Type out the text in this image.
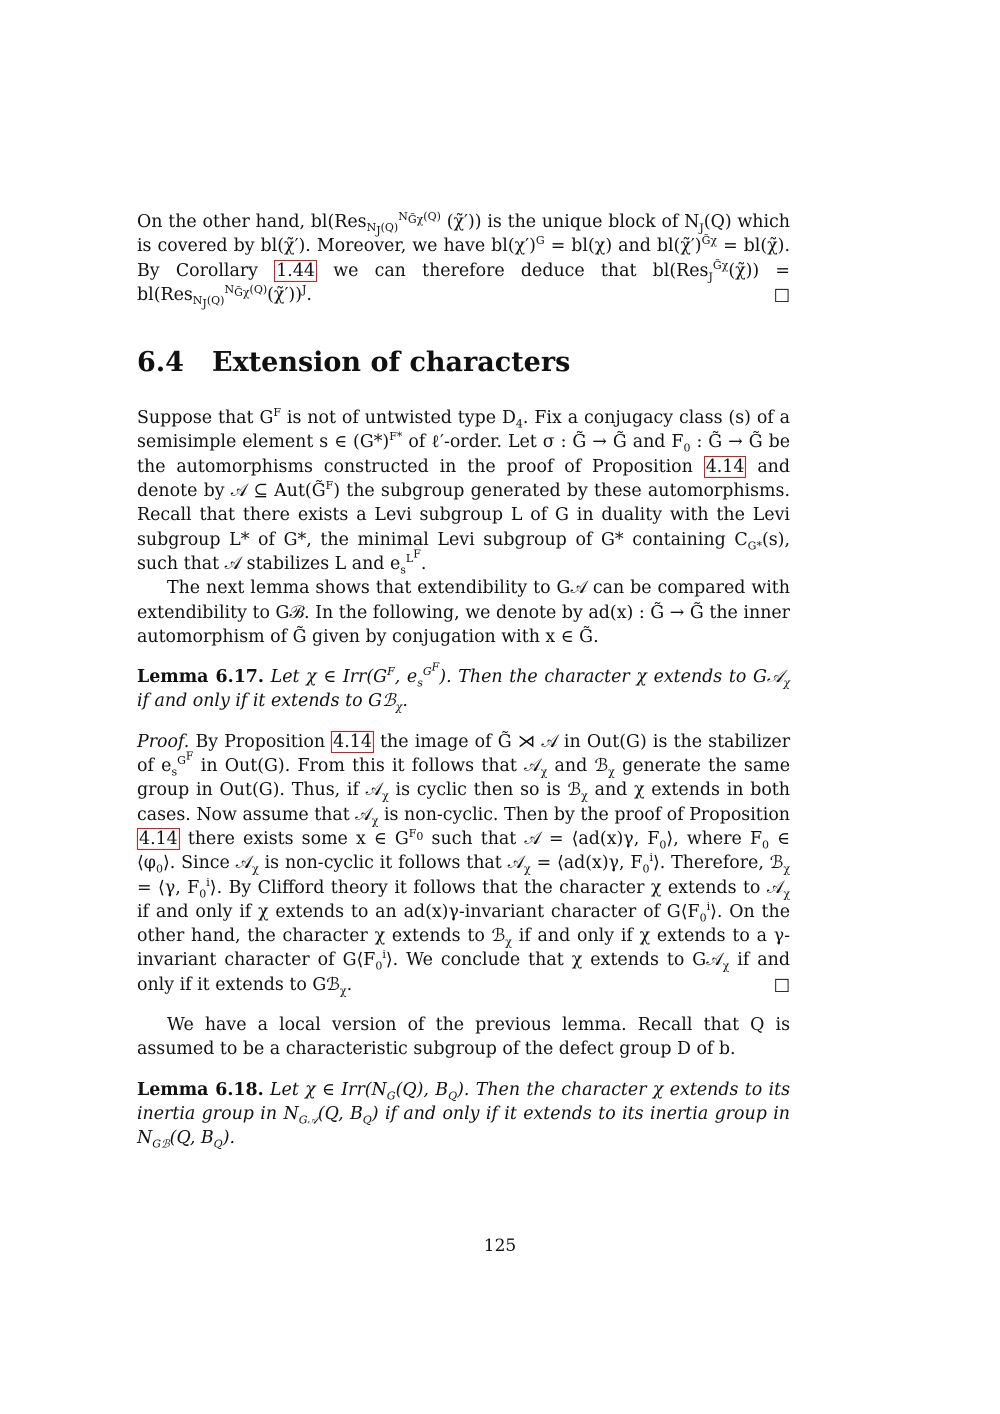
On the other hand, bl(Res$_{N_J(Q)}^{N_{G̃\chi}(Q)}$ (χ̃′)) is the unique block of $N_J(Q)$ which is covered by bl(χ̃′). Moreover, we have $bl(\chi')^G = bl(\chi)$ and bl(χ̃′)$^{G̃\chi}$ = bl(χ̃). By Corollary 1.44 we can therefore deduce that bl(Res$_J^{G̃\chi}$(χ̃)) = bl(Res$_{N_J(Q)}^{N_{G̃\chi}(Q)}$(χ̃′))$^J$.	□

6.4 Extension of characters

Suppose that $G^F$ is not of untwisted type $D_4$. Fix a conjugacy class (s) of a semisimple element s ∈ $(G*)^{F*}$ of ℓ′-order. Let σ : G̃ → G̃ and $F_0$ : G̃ → G̃ be the automorphisms constructed in the proof of Proposition 4.14 and denote by 𝒜 ⊆ Aut(G̃$^F$) the subgroup generated by these automorphisms. Recall that there exists a Levi subgroup L of G in duality with the Levi subgroup L* of G*, the minimal Levi subgroup of G* containing $C_{G*}(s)$, such that 𝒜 stabilizes L and $e_s^{L^F}$.

The next lemma shows that extendibility to G𝒜 can be compared with extendibility to Gℬ. In the following, we denote by ad(x) : G̃ → G̃ the inner automorphism of G̃ given by conjugation with x ∈ G̃.

Lemma 6.17. Let χ ∈ $Irr(G^F$, $e_s^{G^F}$). Then the character χ extends to G𝒜$_\chi$ if and only if it extends to Gℬ$_\chi$.

Proof. By Proposition 4.14 the image of G̃ ⋊ 𝒜 in Out(G) is the stabilizer of $e_s^{G^F}$ in Out(G). From this it follows that 𝒜$_\chi$ and ℬ$_\chi$ generate the same group in Out(G). Thus, if 𝒜$_\chi$ is cyclic then so is ℬ$_\chi$ and χ extends in both cases. Now assume that 𝒜$_\chi$ is non-cyclic. Then by the proof of Proposition 4.14 there exists some x ∈ $G^{F_0}$ such that 𝒜 = ⟨ad(x)γ, $F_0⟩$, where $F_0$ ∈ $⟨\varphi_0⟩$. Since 𝒜$_\chi$ is non-cyclic it follows that 𝒜$_\chi$ = ⟨ad(x)γ, $F_0^i⟩$. Therefore, ℬ$_\chi$ = ⟨γ, $F_0^i⟩$. By Clifford theory it follows that the character χ extends to 𝒜$_\chi$ if and only if χ extends to an ad(x)γ-invariant character of $G⟨F_0^i⟩$. On the other hand, the character χ extends to ℬ$_\chi$ if and only if χ extends to a γ-invariant character of $G⟨F_0^i⟩$. We conclude that χ extends to G𝒜$_\chi$ if and only if it extends to Gℬ$_\chi$.	□

We have a local version of the previous lemma. Recall that Q is assumed to be a characteristic subgroup of the defect group D of b.

Lemma 6.18. Let χ ∈ $Irr(N_G(Q)$, $B_Q$). Then the character χ extends to its inertia group in $N_{G𝒜}(Q$, $B_Q$) if and only if it extends to its inertia group in $N_{Gℬ}(Q$, $B_Q$).

125
